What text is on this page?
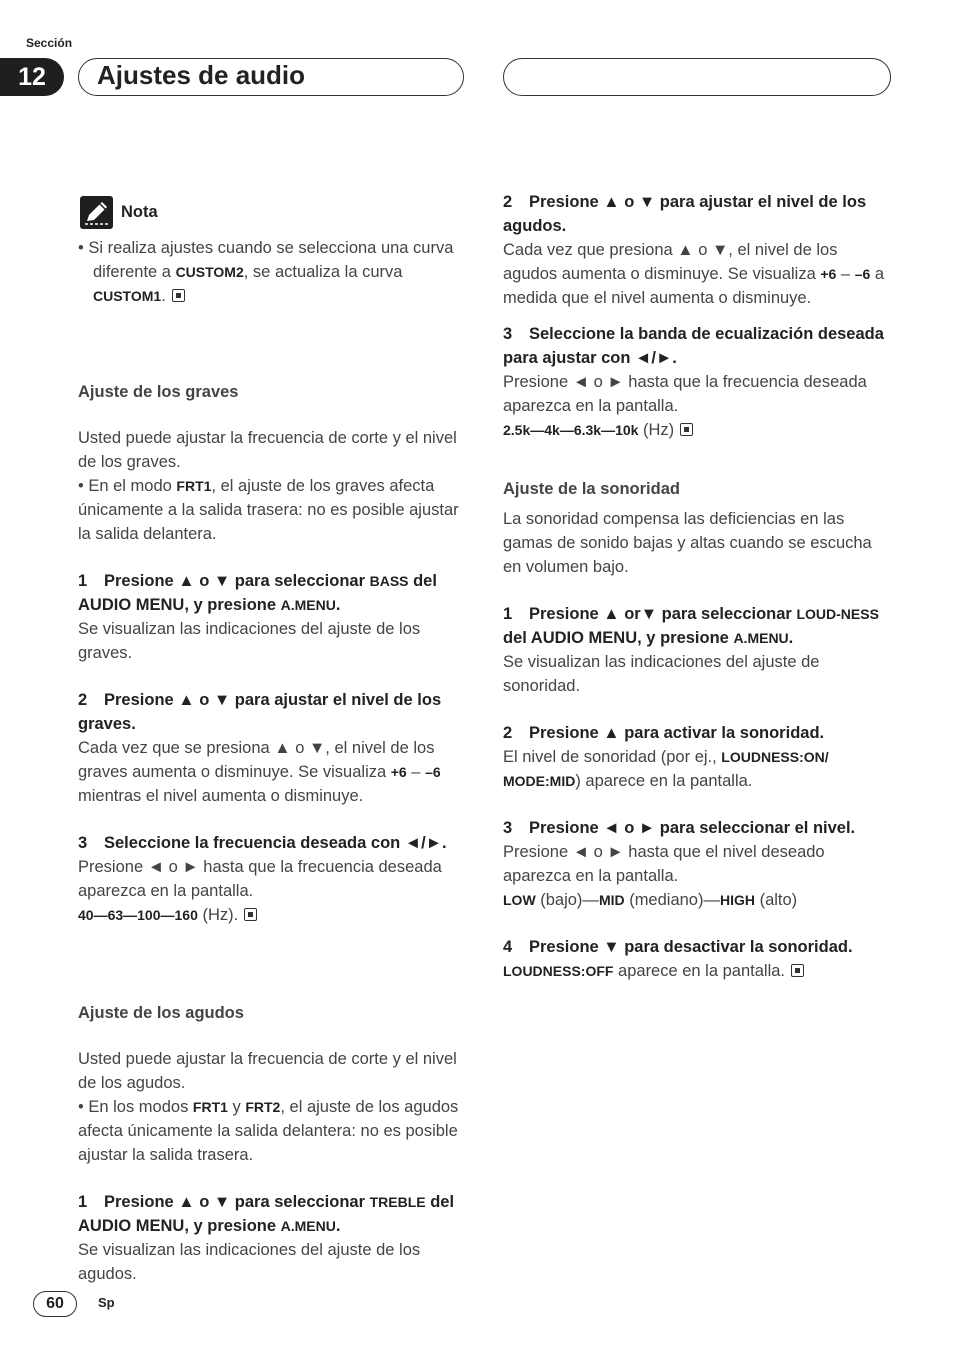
Sección
12	Ajustes de audio
Nota

• Si realiza ajustes cuando se selecciona una curva diferente a CUSTOM2, se actualiza la curva CUSTOM1.

Ajuste de los graves

Usted puede ajustar la frecuencia de corte y el nivel de los graves.

• En el modo FRT1, el ajuste de los graves afecta únicamente a la salida trasera: no es posible ajustar la salida delantera.

1 Presione ▲ o ▼ para seleccionar BASS del AUDIO MENU, y presione A.MENU.

Se visualizan las indicaciones del ajuste de los graves.

2 Presione ▲ o ▼ para ajustar el nivel de los graves.

Cada vez que se presiona ▲ o ▼, el nivel de los graves aumenta o disminuye. Se visualiza +6 – –6 mientras el nivel aumenta o disminuye.

3 Seleccione la frecuencia deseada con ◄/►.

Presione ◄ o ► hasta que la frecuencia deseada aparezca en la pantalla.

40—63—100—160 (Hz).

Ajuste de los agudos

Usted puede ajustar la frecuencia de corte y el nivel de los agudos.

• En los modos FRT1 y FRT2, el ajuste de los agudos afecta únicamente la salida delantera: no es posible ajustar la salida trasera.

1 Presione ▲ o ▼ para seleccionar TREBLE del AUDIO MENU, y presione A.MENU.

Se visualizan las indicaciones del ajuste de los agudos.

2 Presione ▲ o ▼ para ajustar el nivel de los agudos.

Cada vez que presiona ▲ o ▼, el nivel de los agudos aumenta o disminuye. Se visualiza +6 – –6 a medida que el nivel aumenta o disminuye.

3 Seleccione la banda de ecualización deseada para ajustar con ◄/►.

Presione ◄ o ► hasta que la frecuencia deseada aparezca en la pantalla.

2.5k—4k—6.3k—10k (Hz)

Ajuste de la sonoridad

La sonoridad compensa las deficiencias en las gamas de sonido bajas y altas cuando se escucha en volumen bajo.

1 Presione ▲ or▼ para seleccionar LOUD-NESS del AUDIO MENU, y presione A.MENU.

Se visualizan las indicaciones del ajuste de sonoridad.

2 Presione ▲ para activar la sonoridad.

El nivel de sonoridad (por ej., LOUDNESS:ON/ MODE:MID) aparece en la pantalla.

3 Presione ◄ o ► para seleccionar el nivel.

Presione ◄ o ► hasta que el nivel deseado aparezca en la pantalla.

LOW (bajo)—MID (mediano)—HIGH (alto)

4 Presione ▼ para desactivar la sonoridad.

LOUDNESS:OFF aparece en la pantalla.

60	Sp
